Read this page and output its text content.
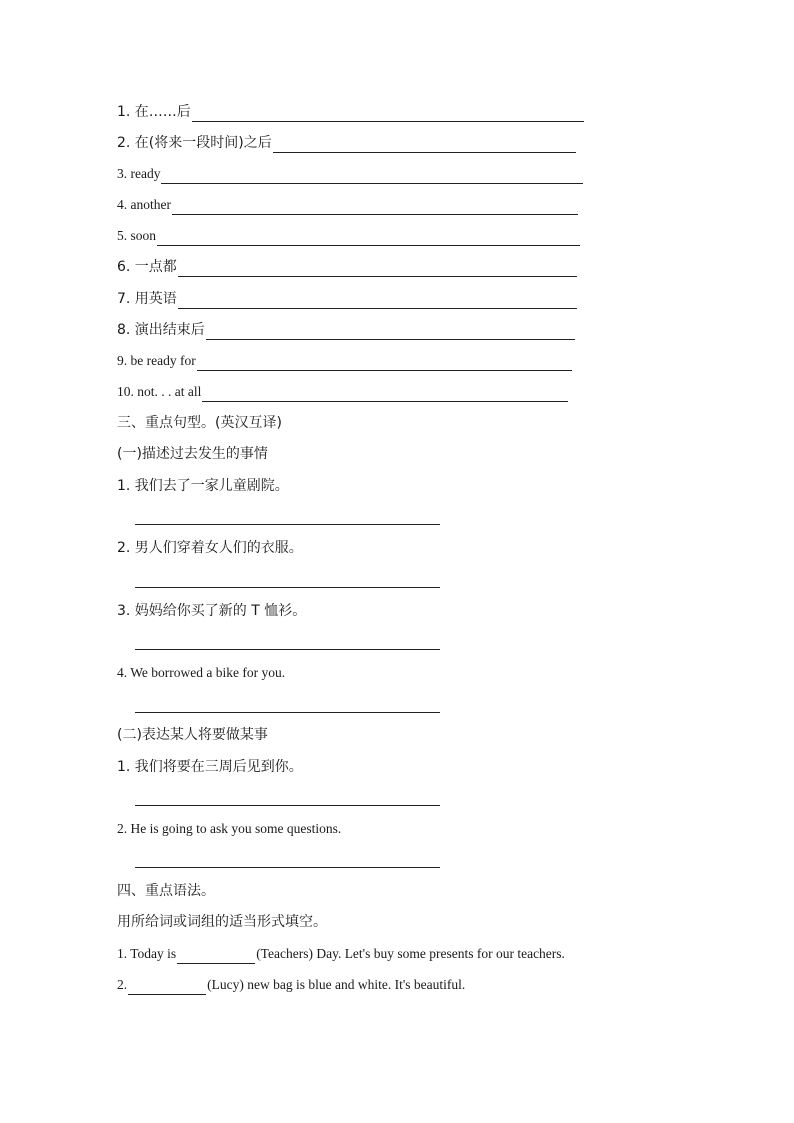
1. 在……后
2. 在(将来一段时间)之后
3. ready
4. another
5. soon
6. 一点都
7. 用英语
8. 演出结束后
9. be ready for
10. not. . . at all
三、重点句型。(英汉互译)
(一)描述过去发生的事情
1. 我们去了一家儿童剧院。
2. 男人们穿着女人们的衣服。
3. 妈妈给你买了新的 T 恤衫。
4. We borrowed a bike for you.
(二)表达某人将要做某事
1. 我们将要在三周后见到你。
2. He is going to ask you some questions.
四、重点语法。
用所给词或词组的适当形式填空。
1. Today is	(Teachers) Day. Let's buy some presents for our teachers.
2.	(Lucy) new bag is blue and white. It's beautiful.
